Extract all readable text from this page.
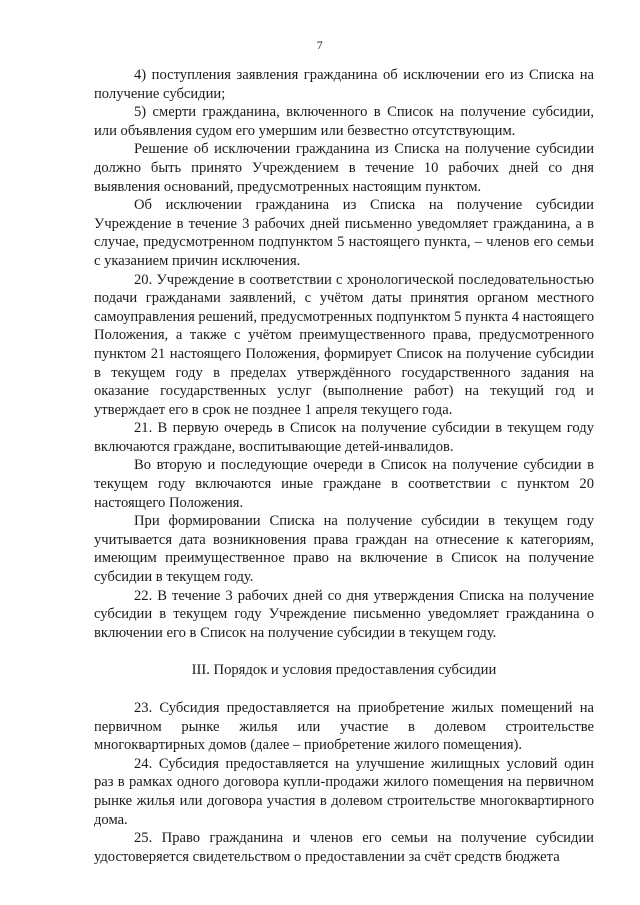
7

4) поступления заявления гражданина об исключении его из Списка на получение субсидии;

5) смерти гражданина, включенного в Список на получение субсидии, или объявления судом его умершим или безвестно отсутствующим.

Решение об исключении гражданина из Списка на получение субсидии должно быть принято Учреждением в течение 10 рабочих дней со дня выявления оснований, предусмотренных настоящим пунктом.

Об исключении гражданина из Списка на получение субсидии Учреждение в течение 3 рабочих дней письменно уведомляет гражданина, а в случае, предусмотренном подпунктом 5 настоящего пункта, – членов его семьи с указанием причин исключения.

20. Учреждение в соответствии с хронологической последовательностью подачи гражданами заявлений, с учётом даты принятия органом местного самоуправления решений, предусмотренных подпунктом 5 пункта 4 настоящего Положения, а также с учётом преимущественного права, предусмотренного пунктом 21 настоящего Положения, формирует Список на получение субсидии в текущем году в пределах утверждённого государственного задания на оказание государственных услуг (выполнение работ) на текущий год и утверждает его в срок не позднее 1 апреля текущего года.

21. В первую очередь в Список на получение субсидии в текущем году включаются граждане, воспитывающие детей-инвалидов.

Во вторую и последующие очереди в Список на получение субсидии в текущем году включаются иные граждане в соответствии с пунктом 20 настоящего Положения.

При формировании Списка на получение субсидии в текущем году учитывается дата возникновения права граждан на отнесение к категориям, имеющим преимущественное право на включение в Список на получение субсидии в текущем году.

22. В течение 3 рабочих дней со дня утверждения Списка на получение субсидии в текущем году Учреждение письменно уведомляет гражданина о включении его в Список на получение субсидии в текущем году.

III. Порядок и условия предоставления субсидии

23. Субсидия предоставляется на приобретение жилых помещений на первичном рынке жилья или участие в долевом строительстве многоквартирных домов (далее – приобретение жилого помещения).

24. Субсидия предоставляется на улучшение жилищных условий один раз в рамках одного договора купли-продажи жилого помещения на первичном рынке жилья или договора участия в долевом строительстве многоквартирного дома.

25. Право гражданина и членов его семьи на получение субсидии удостоверяется свидетельством о предоставлении за счёт средств бюджета
